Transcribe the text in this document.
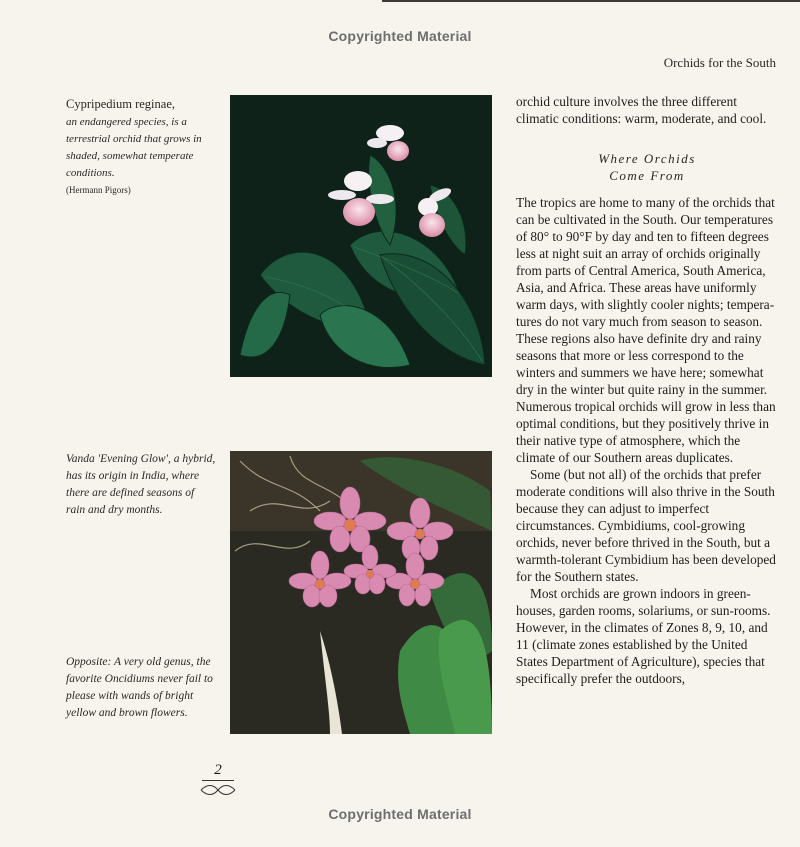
Copyrighted Material
Orchids for the South
Cypripedium reginae,
an endangered species, is a terrestrial orchid that grows in shaded, somewhat temperate conditions.

(Hermann Pigors)
Vanda 'Evening Glow', a hybrid, has its origin in India, where there are defined seasons of rain and dry months.
Opposite: A very old genus, the favorite Oncidiums never fail to please with wands of bright yellow and brown flowers.

orchid culture involves the three different climatic conditions: warm, moderate, and cool.

Where Orchids
Come From

The tropics are home to many of the orchids that can be cultivated in the South. Our temperatures of 80° to 90°F by day and ten to fifteen degrees less at night suit an array of orchids originally from parts of Central America, South America, Asia, and Africa. These areas have uniformly warm days, with slightly cooler nights; tempera-tures do not vary much from season to season. These regions also have definite dry and rainy seasons that more or less correspond to the winters and summers we have here; somewhat dry in the winter but quite rainy in the summer. Numerous tropical orchids will grow in less than optimal conditions, but they positively thrive in their native type of atmosphere, which the climate of our Southern areas duplicates.

Some (but not all) of the orchids that prefer moderate conditions will also thrive in the South because they can adjust to imperfect circumstances. Cymbidiums, cool-growing orchids, never before thrived in the South, but a warmth-tolerant Cymbidium has been developed for the Southern states.

Most orchids are grown indoors in green-houses, garden rooms, solariums, or sun-rooms. However, in the climates of Zones 8, 9, 10, and 11 (climate zones established by the United States Department of Agriculture), species that specifically prefer the outdoors,

2
Copyrighted Material
